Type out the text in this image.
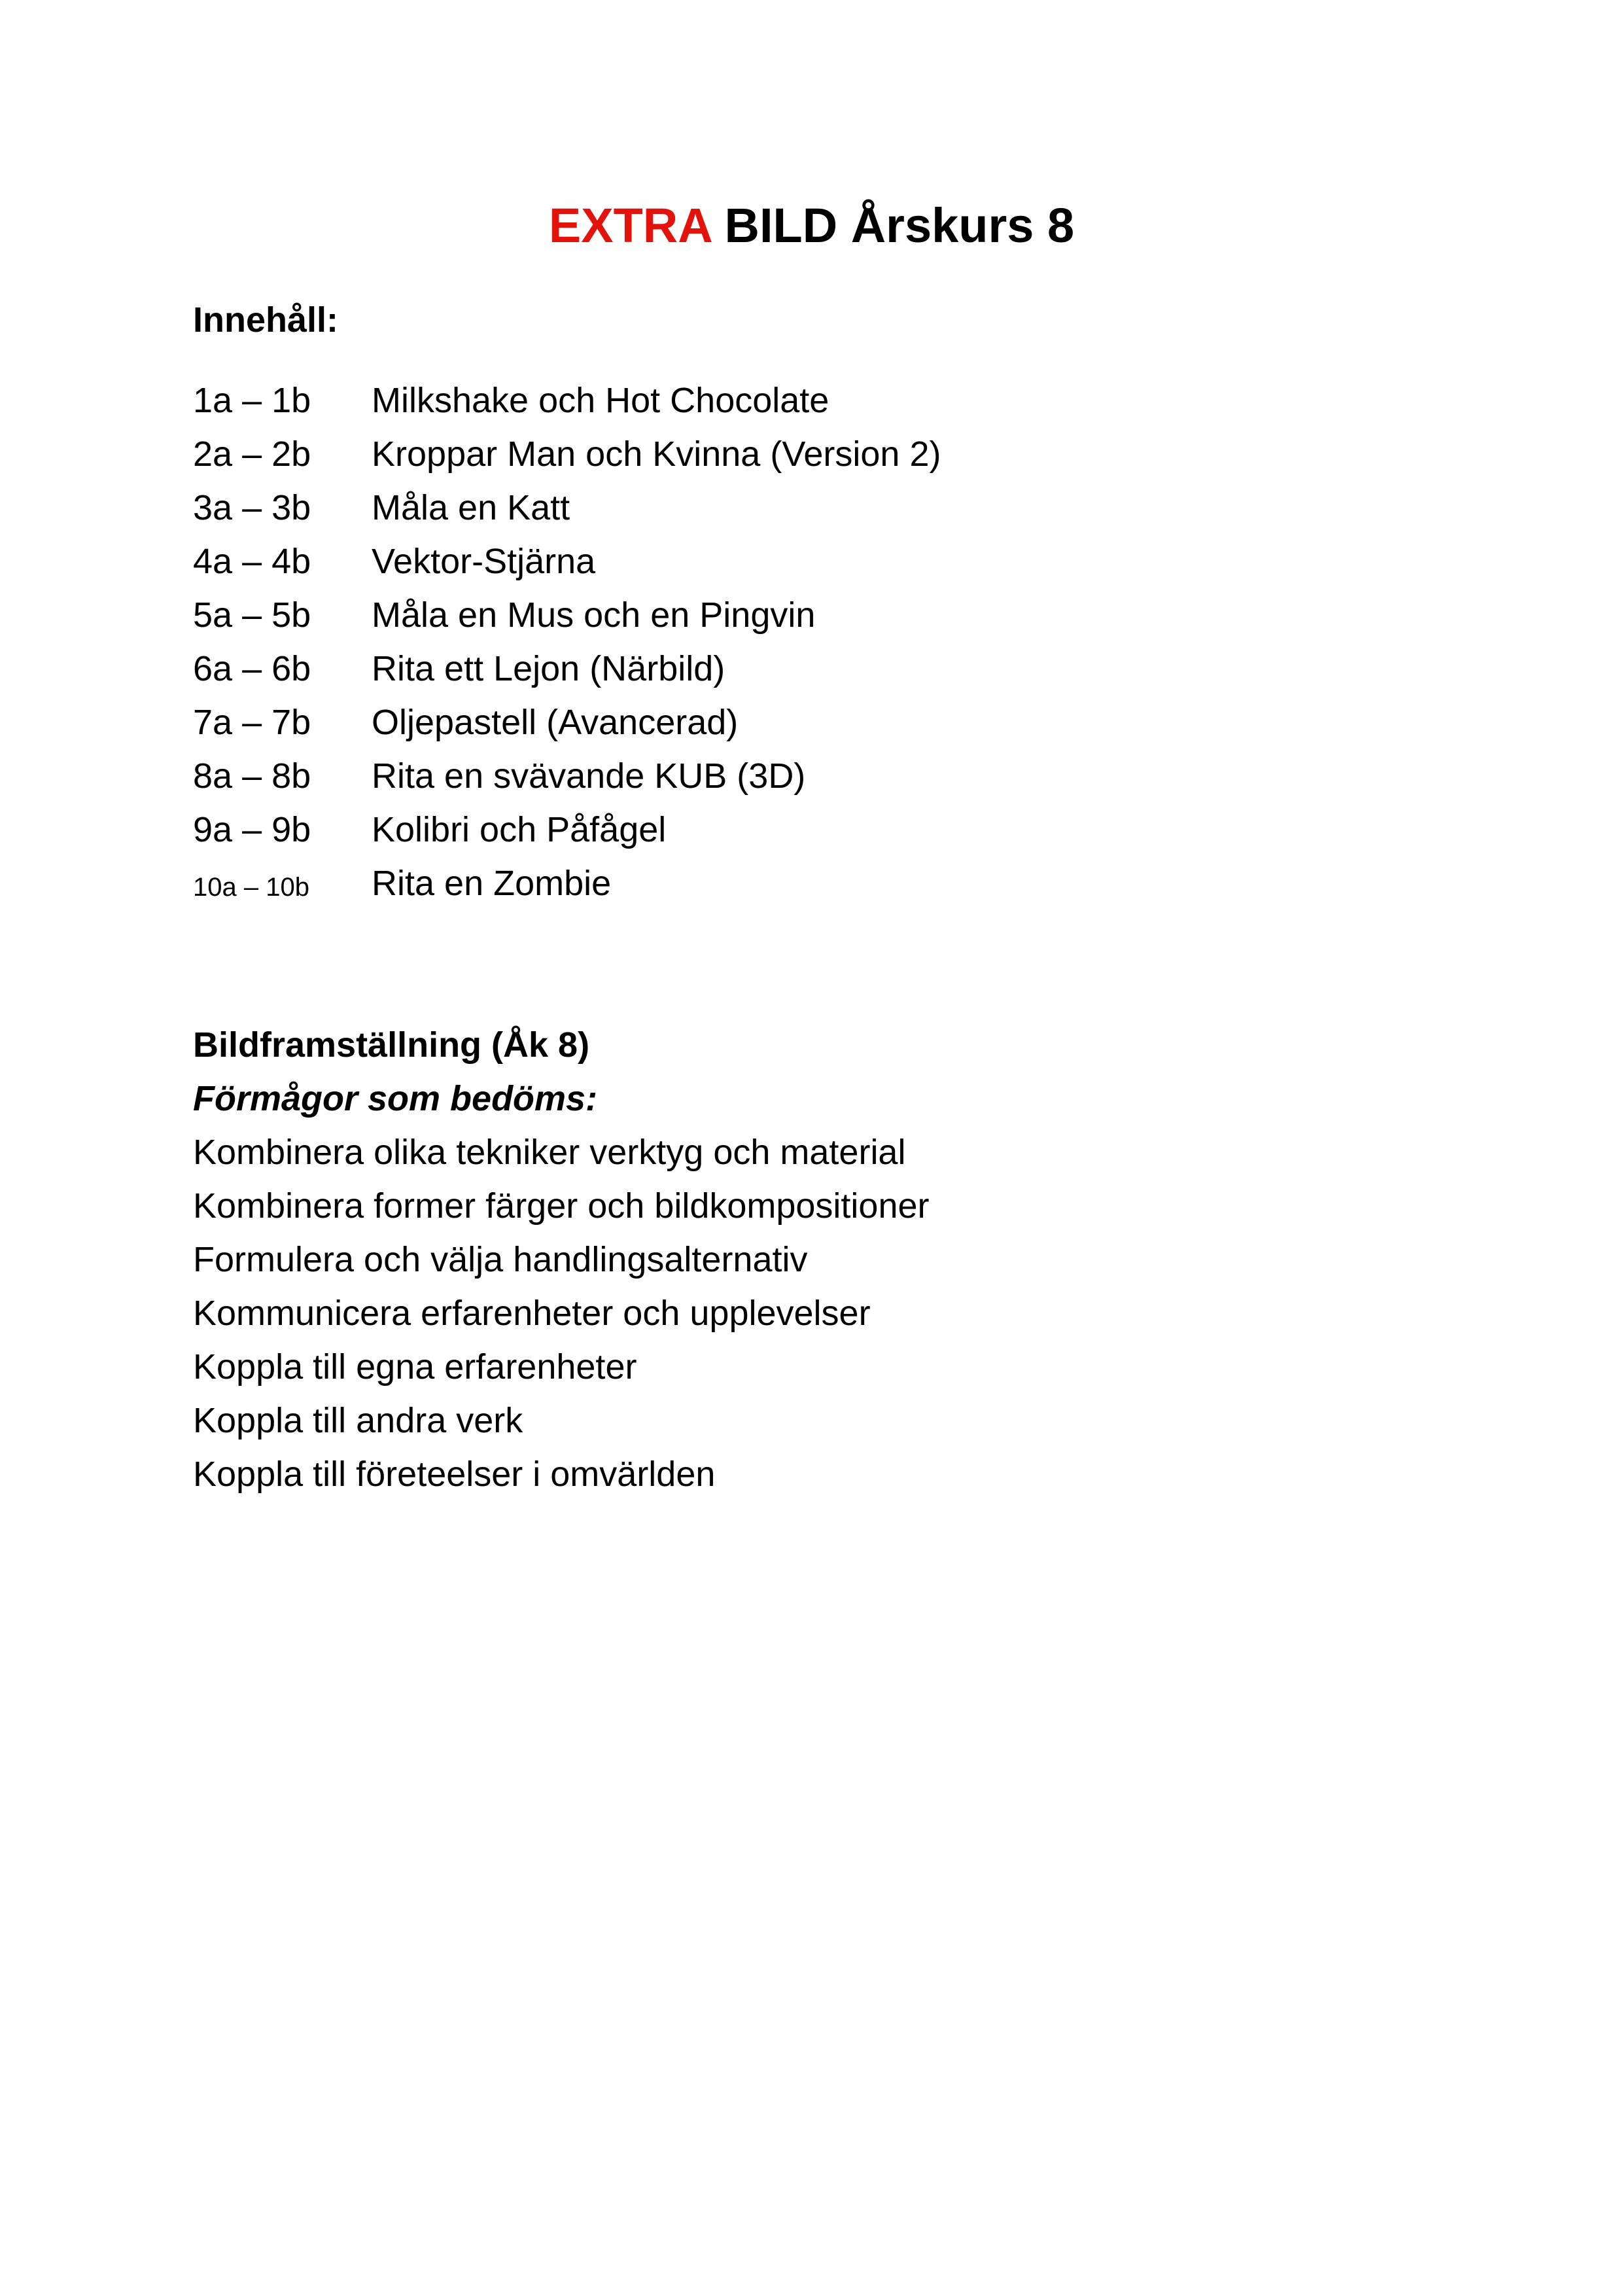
EXTRA BILD Årskurs 8
Innehåll:
1a – 1b Milkshake och Hot Chocolate
2a – 2b Kroppar Man och Kvinna (Version 2)
3a – 3b Måla en Katt
4a – 4b Vektor-Stjärna
5a – 5b Måla en Mus och en Pingvin
6a – 6b Rita ett Lejon (Närbild)
7a – 7b Oljepastell (Avancerad)
8a – 8b Rita en svävande KUB (3D)
9a – 9b Kolibri och Påfågel
10a – 10b Rita en Zombie
Bildframställning (Åk 8)
Förmågor som bedöms:
Kombinera olika tekniker verktyg och material
Kombinera former färger och bildkompositioner
Formulera och välja handlingsalternativ
Kommunicera erfarenheter och upplevelser
Koppla till egna erfarenheter
Koppla till andra verk
Koppla till företeelser i omvärlden
